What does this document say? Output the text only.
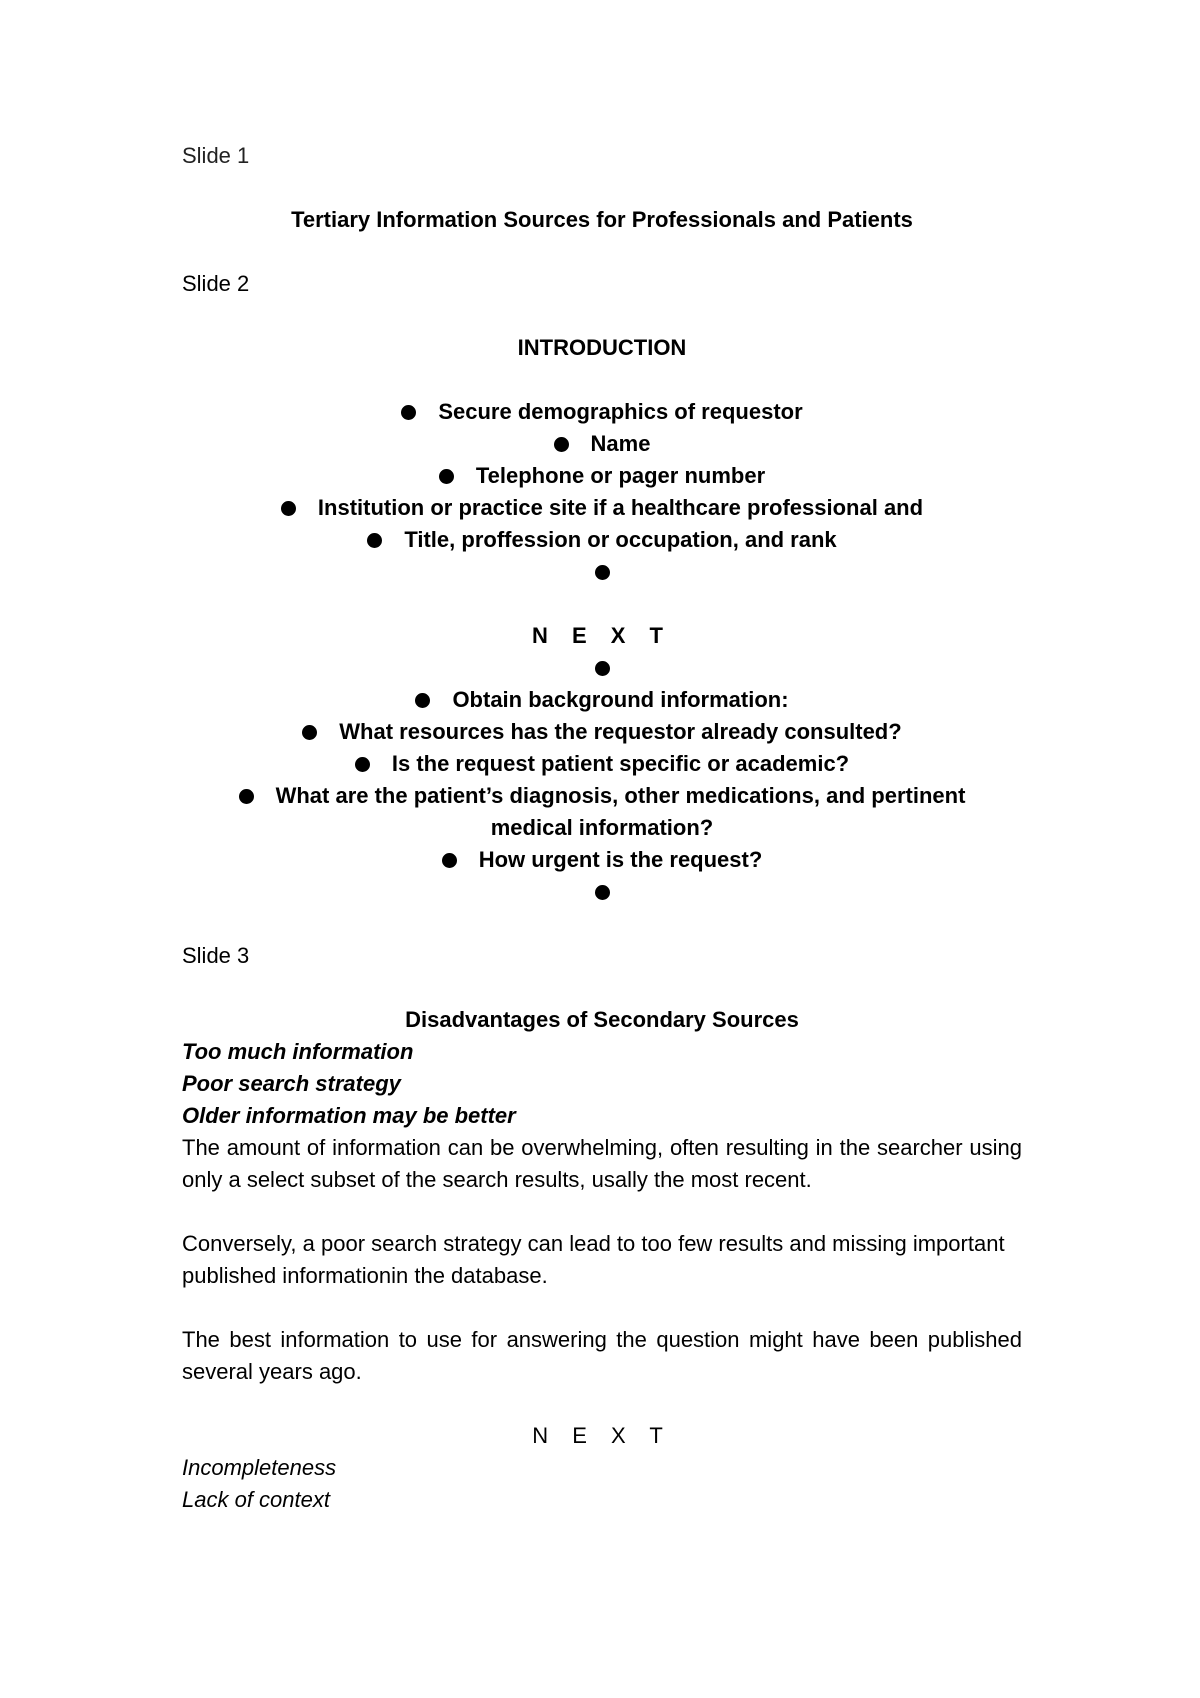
Slide 1

Tertiary Information Sources for Professionals and Patients

Slide 2

INTRODUCTION

Secure demographics of requestor

Name

Telephone or pager number

Institution or practice site if a healthcare professional and

Title, proffession or occupation, and rank

N E X T

Obtain background information:

What resources has the requestor already consulted?

Is the request patient specific or academic?

What are the patient’s diagnosis, other medications, and pertinent

medical information?

How urgent is the request?

Slide 3

Disadvantages of Secondary Sources

Too much information

Poor search strategy

Older information may be better

The amount of information can be overwhelming, often resulting in the searcher using only a select subset of the search results, usally the most recent.

Conversely, a poor search strategy can lead to too few results and missing important published informationin the database.

The best information to use for answering the question might have been published several years ago.

N E X T

Incompleteness

Lack of context
